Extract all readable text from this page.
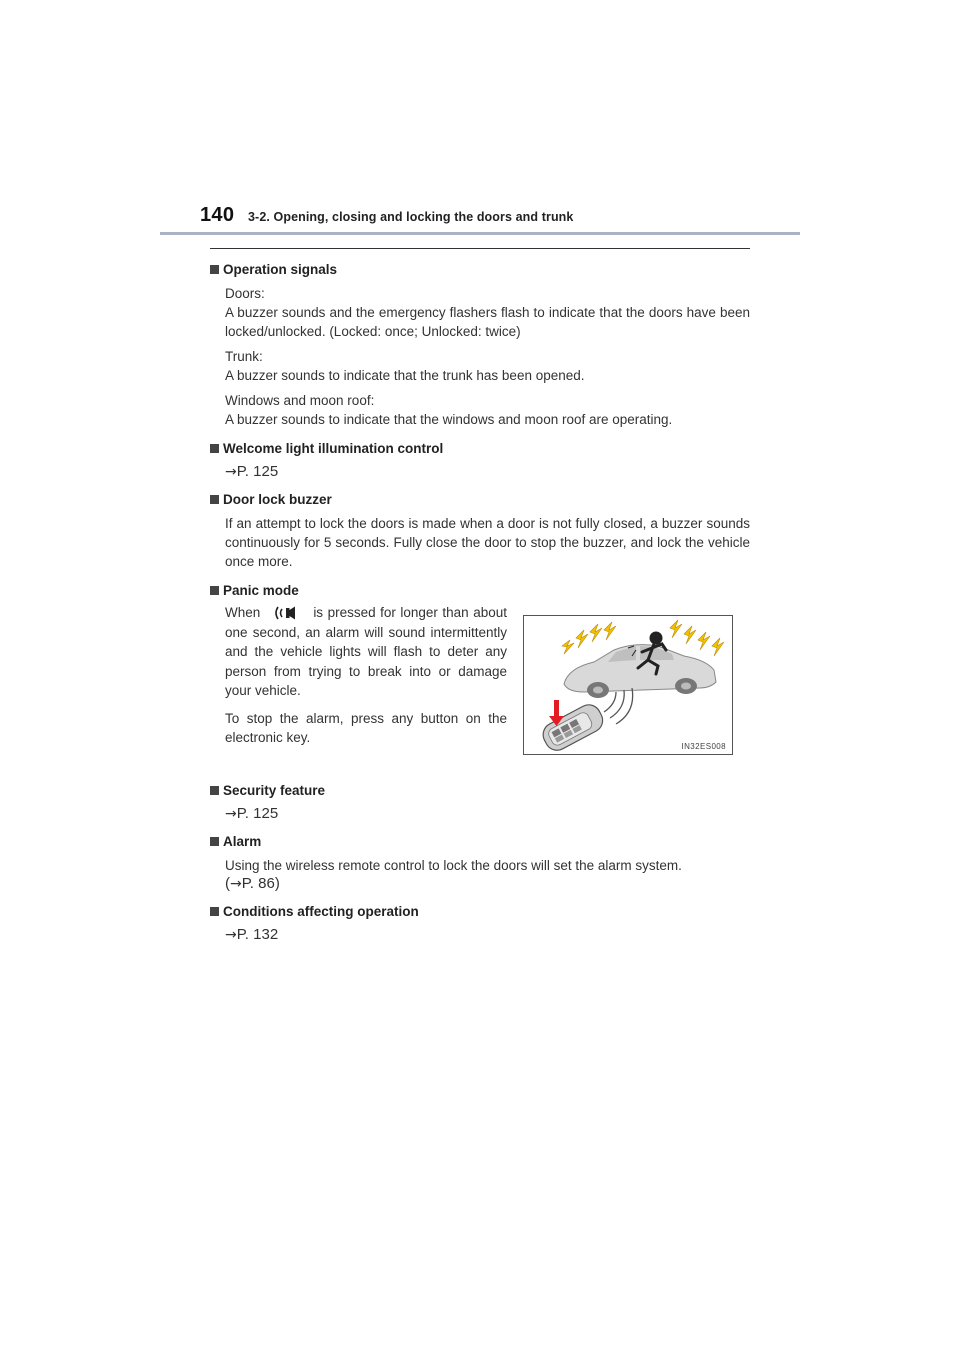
140 3-2. Opening, closing and locking the doors and trunk
Operation signals

Doors:
A buzzer sounds and the emergency flashers flash to indicate that the doors have been locked/unlocked. (Locked: once; Unlocked: twice)

Trunk:
A buzzer sounds to indicate that the trunk has been opened.

Windows and moon roof:
A buzzer sounds to indicate that the windows and moon roof are operating.

Welcome light illumination control
→P. 125
Door lock buzzer

If an attempt to lock the doors is made when a door is not fully closed, a buzzer sounds continuously for 5 seconds. Fully close the door to stop the buzzer, and lock the vehicle once more.

Panic mode

When	is pressed for longer than about one second, an alarm will sound intermittently and the vehicle lights will flash to deter any person from trying to break into or damage your vehicle.

To stop the alarm, press any button on the electronic key.

IN32ES008
Security feature
→P. 125
Alarm

Using the wireless remote control to lock the doors will set the alarm system.

(→P. 86)
Conditions affecting operation
→P. 132
